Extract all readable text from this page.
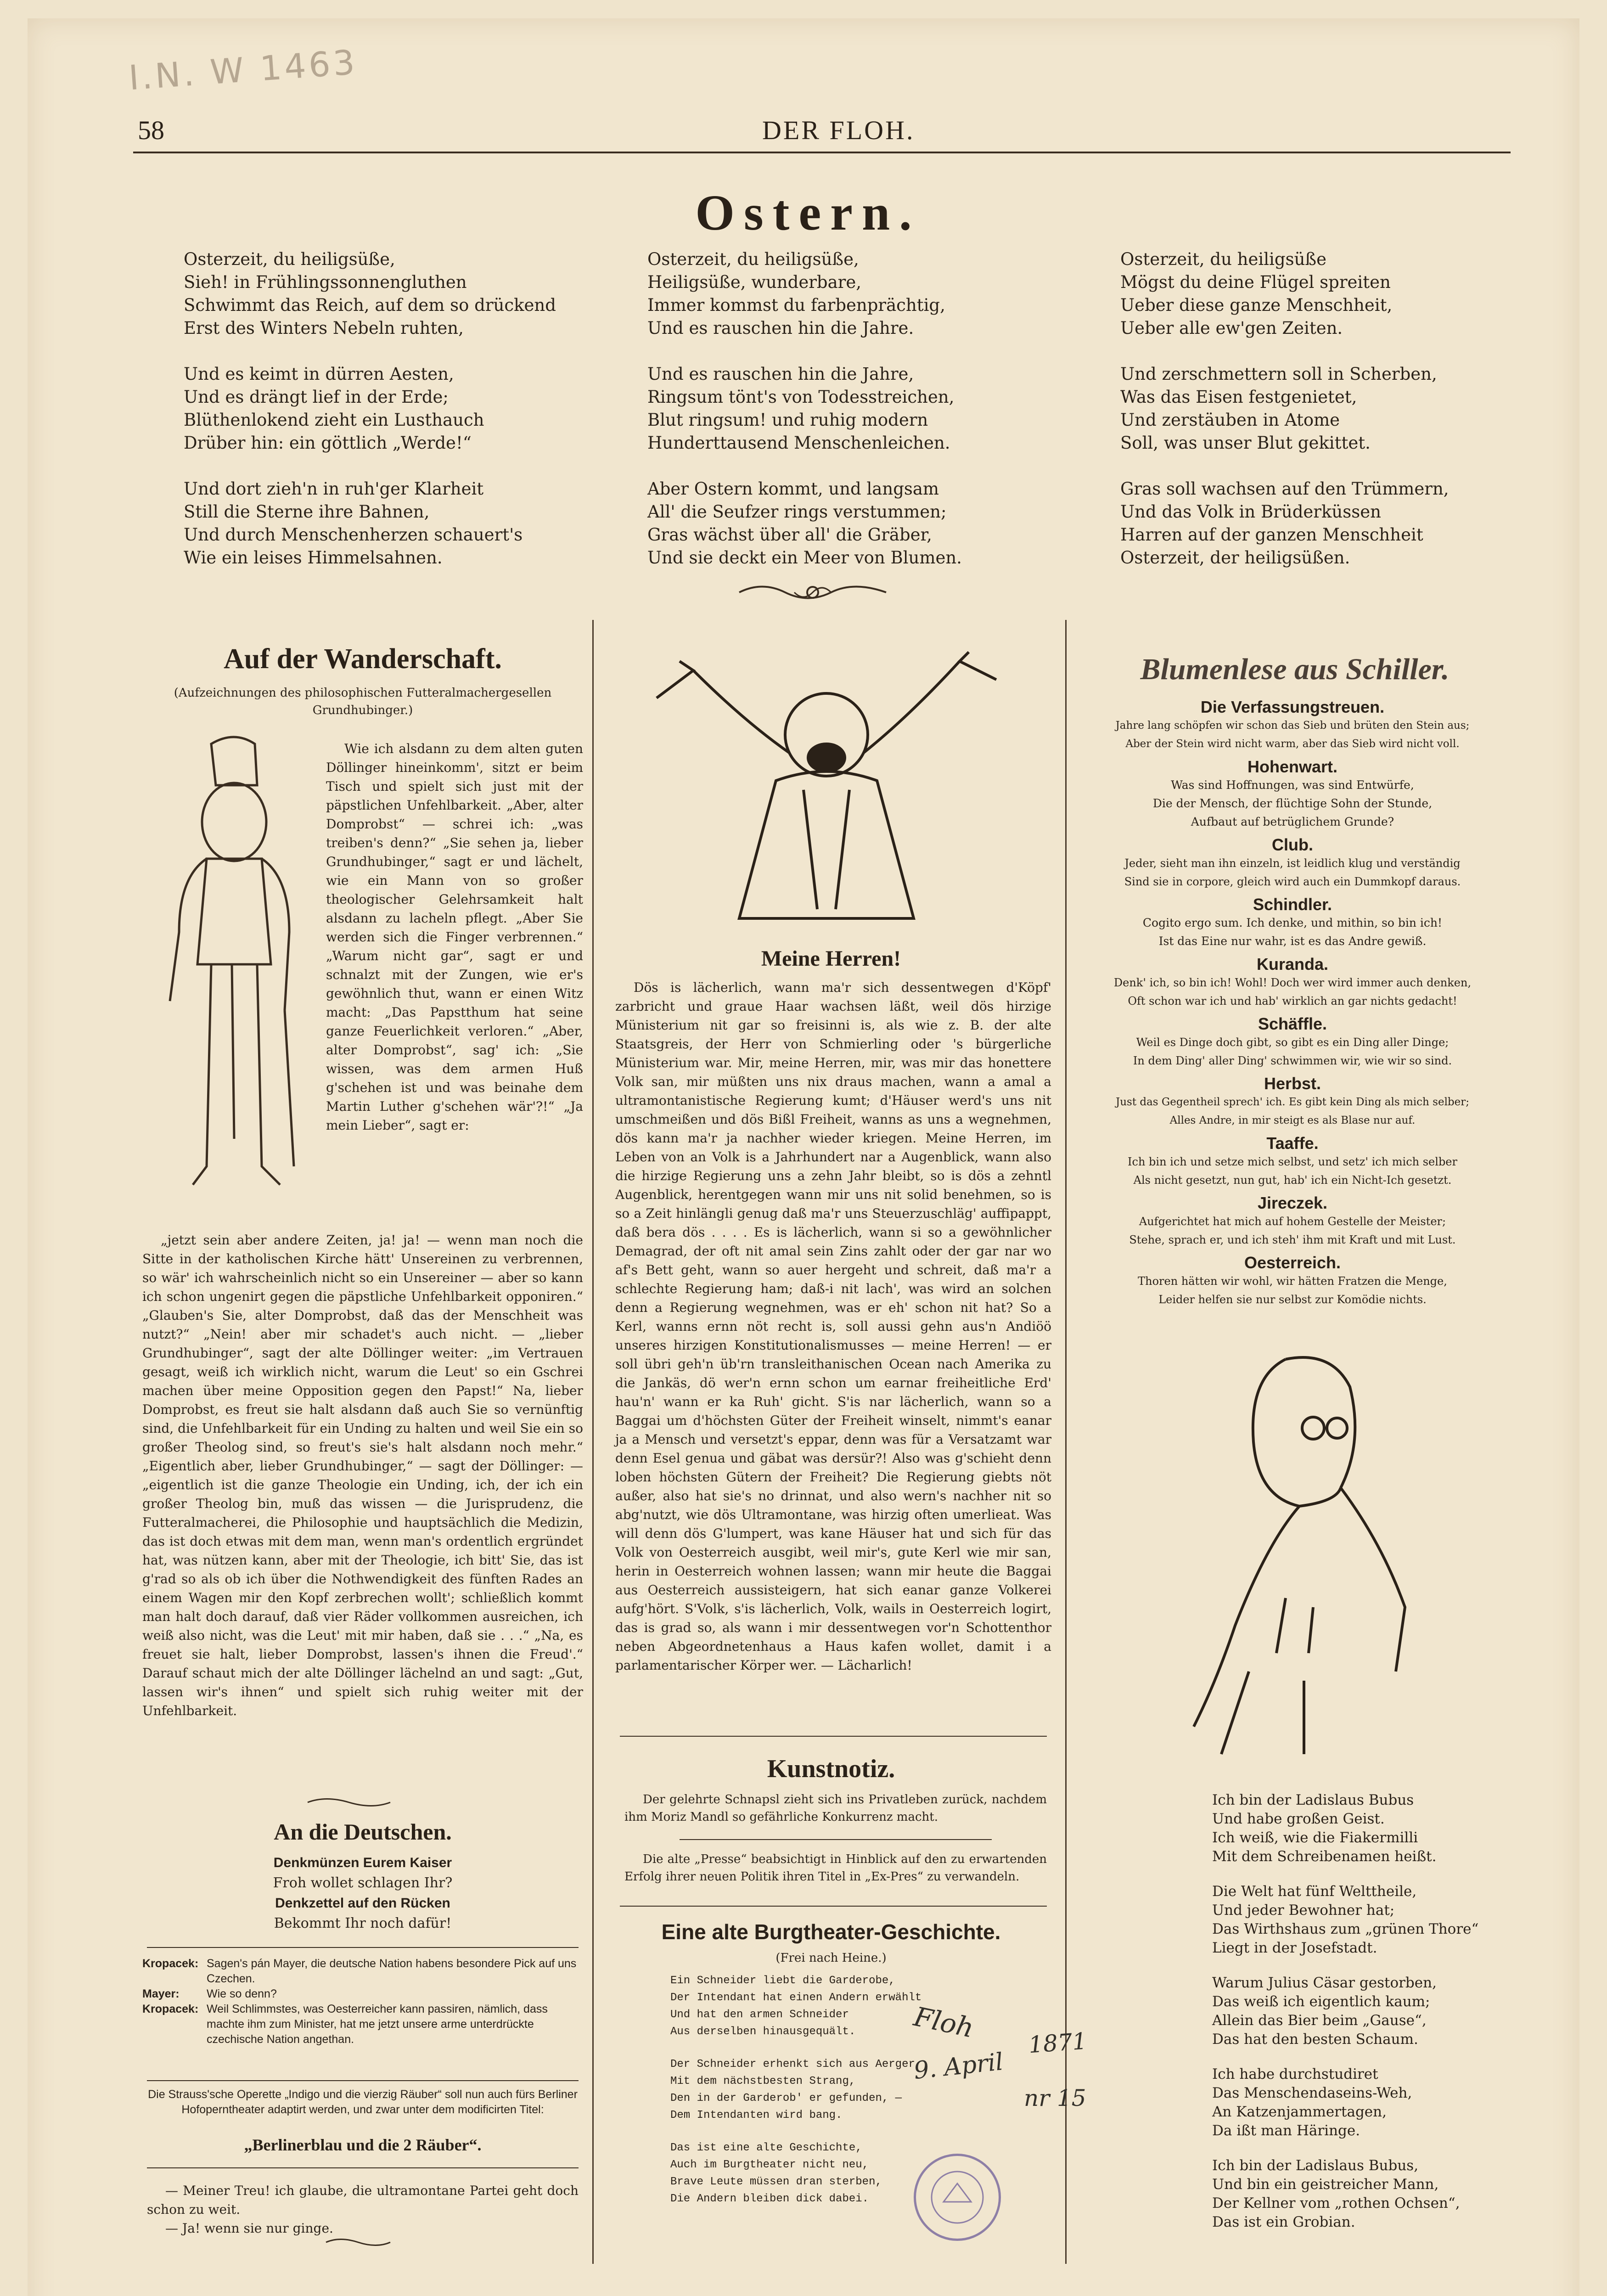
I.N. W 1463
58	DER FLOH.
Ostern.
Osterzeit, du heiligsüße,
Sieh! in Frühlingssonnengluthen
Schwimmt das Reich, auf dem so drückend
Erst des Winters Nebeln ruhten,
Und es keimt in dürren Aesten,
Und es drängt lief in der Erde;
Blüthenlokend zieht ein Lusthauch
Drüber hin: ein göttlich „Werde!“
Und dort zieh'n in ruh'ger Klarheit
Still die Sterne ihre Bahnen,
Und durch Menschenherzen schauert's
Wie ein leises Himmelsahnen.
Osterzeit, du heiligsüße,
Heiligsüße, wunderbare,
Immer kommst du farbenprächtig,
Und es rauschen hin die Jahre.
Und es rauschen hin die Jahre,
Ringsum tönt's von Todesstreichen,
Blut ringsum! und ruhig modern
Hunderttausend Menschenleichen.
Aber Ostern kommt, und langsam
All' die Seufzer rings verstummen;
Gras wächst über all' die Gräber,
Und sie deckt ein Meer von Blumen.
Osterzeit, du heiligsüße
Mögst du deine Flügel spreiten
Ueber diese ganze Menschheit,
Ueber alle ew'gen Zeiten.
Und zerschmettern soll in Scherben,
Was das Eisen festgenietet,
Und zerstäuben in Atome
Soll, was unser Blut gekittet.
Gras soll wachsen auf den Trümmern,
Und das Volk in Brüderküssen
Harren auf der ganzen Menschheit
Osterzeit, der heiligsüßen.
Auf der Wanderschaft.
(Aufzeichnungen des philosophischen Futteralmachergesellen Grundhubinger.)

Wie ich alsdann zu dem alten guten Döllinger hineinkomm', sitzt er beim Tisch und spielt sich just mit der päpstlichen Unfehlbarkeit. „Aber, alter Domprobst“ — schrei ich: „was treiben's denn?“ „Sie sehen ja, lieber Grundhubinger,“ sagt er und lächelt, wie ein Mann von so großer theologischer Gelehrsamkeit halt alsdann zu lacheln pflegt. „Aber Sie werden sich die Finger verbrennen.“ „Warum nicht gar“, sagt er und schnalzt mit der Zungen, wie er's gewöhnlich thut, wann er einen Witz macht: „Das Papstthum hat seine ganze Feuerlichkeit verloren.“ „Aber, alter Domprobst“, sag' ich: „Sie wissen, was dem armen Huß g'schehen ist und was beinahe dem Martin Luther g'schehen wär'?!“ „Ja mein Lieber“, sagt er:

„jetzt sein aber andere Zeiten, ja! ja! — wenn man noch die Sitte in der katholischen Kirche hätt' Unsereinen zu verbrennen, so wär' ich wahrscheinlich nicht so ein Unsereiner — aber so kann ich schon ungenirt gegen die päpstliche Unfehlbarkeit opponiren.“ „Glauben's Sie, alter Domprobst, daß das der Menschheit was nutzt?“ „Nein! aber mir schadet's auch nicht. — „lieber Grundhubinger“, sagt der alte Döllinger weiter: „im Vertrauen gesagt, weiß ich wirklich nicht, warum die Leut' so ein Gschrei machen über meine Opposition gegen den Papst!“ Na, lieber Domprobst, es freut sie halt alsdann daß auch Sie so vernünftig sind, die Unfehlbarkeit für ein Unding zu halten und weil Sie ein so großer Theolog sind, so freut's sie's halt alsdann noch mehr.“ „Eigentlich aber, lieber Grundhubinger,“ — sagt der Döllinger: — „eigentlich ist die ganze Theologie ein Unding, ich, der ich ein großer Theolog bin, muß das wissen — die Jurisprudenz, die Futteralmacherei, die Philosophie und hauptsächlich die Medizin, das ist doch etwas mit dem man, wenn man's ordentlich ergründet hat, was nützen kann, aber mit der Theologie, ich bitt' Sie, das ist g'rad so als ob ich über die Nothwendigkeit des fünften Rades an einem Wagen mir den Kopf zerbrechen wollt'; schließlich kommt man halt doch darauf, daß vier Räder vollkommen ausreichen, ich weiß also nicht, was die Leut' mit mir haben, daß sie . . .“ „Na, es freuet sie halt, lieber Domprobst, lassen's ihnen die Freud'.“ Darauf schaut mich der alte Döllinger lächelnd an und sagt: „Gut, lassen wir's ihnen“ und spielt sich ruhig weiter mit der Unfehlbarkeit.

An die Deutschen.
Denkmünzen Eurem Kaiser
Froh wollet schlagen Ihr?
Denkzettel auf den Rücken
Bekommt Ihr noch dafür!
Kropacek: Sagen's pán Mayer, die deutsche Nation habens besondere Pick auf uns Czechen.
Mayer:	Wie so denn?
Kropacek: Weil Schlimmstes, was Oesterreicher kann passiren, nämlich, dass machte ihm zum Minister, hat me jetzt unsere arme unterdrückte czechische Nation angethan.
Die Strauss'sche Operette „Indigo und die vierzig Räuber“ soll nun auch fürs Berliner Hofoperntheater adaptirt werden, und zwar unter dem modificirten Titel:
„Berlinerblau und die 2 Räuber“.

— Meiner Treu! ich glaube, die ultramontane Partei geht doch schon zu weit.

— Ja! wenn sie nur ginge.

Meine Herren!

Dös is lächerlich, wann ma'r sich dessentwegen d'Köpf' zarbricht und graue Haar wachsen läßt, weil dös hirzige Münisterium nit gar so freisinni is, als wie z. B. der alte Staatsgreis, der Herr von Schmierling oder 's bürgerliche Münisterium war. Mir, meine Herren, mir, was mir das honettere Volk san, mir müßten uns nix draus machen, wann a amal a ultramontanistische Regierung kumt; d'Häuser werd's uns nit umschmeißen und dös Bißl Freiheit, wanns as uns a wegnehmen, dös kann ma'r ja nachher wieder kriegen. Meine Herren, im Leben von an Volk is a Jahrhundert nar a Augenblick, wann also die hirzige Regierung uns a zehn Jahr bleibt, so is dös a zehntl Augenblick, herentgegen wann mir uns nit solid benehmen, so is so a Zeit hinlängli genug daß ma'r uns Steuerzuschläg' auffipappt, daß bera dös . . . . Es is lächerlich, wann si so a gewöhnlicher Demagrad, der oft nit amal sein Zins zahlt oder der gar nar wo af's Bett geht, wann so auer hergeht und schreit, daß ma'r a schlechte Regierung ham; daß-i nit lach', was wird an solchen denn a Regierung wegnehmen, was er eh' schon nit hat? So a Kerl, wanns ernn nöt recht is, soll aussi gehn aus'n Andiöö unseres hirzigen Konstitutionalismusses — meine Herren! — er soll übri geh'n üb'rn transleithanischen Ocean nach Amerika zu die Jankäs, dö wer'n ernn schon um earnar freiheitliche Erd' hau'n' wann er ka Ruh' gicht. S'is nar lächerlich, wann so a Baggai um d'höchsten Güter der Freiheit winselt, nimmt's eanar ja a Mensch und versetzt's eppar, denn was für a Versatzamt war denn Esel genua und gäbat was dersür?! Also was g'schieht denn loben höchsten Gütern der Freiheit? Die Regierung giebts nöt außer, also hat sie's no drinnat, und also wern's nachher nit so abg'nutzt, wie dös Ultramontane, was hirzig often umerlieat. Was will denn dös G'lumpert, was kane Häuser hat und sich für das Volk von Oesterreich ausgibt, weil mir's, gute Kerl wie mir san, herin in Oesterreich wohnen lassen; wann mir heute die Baggai aus Oesterreich aussisteigern, hat sich eanar ganze Volkerei aufg'hört. S'Volk, s'is lächerlich, Volk, wails in Oesterreich logirt, das is grad so, als wann i mir dessentwegen vor'n Schottenthor neben Abgeordnetenhaus a Haus kafen wollet, damit i a parlamentarischer Körper wer. — Lächarlich!

Kunstnotiz.

Der gelehrte Schnapsl zieht sich ins Privatleben zurück, nachdem ihm Moriz Mandl so gefährliche Konkurrenz macht.

Die alte „Presse“ beabsichtigt in Hinblick auf den zu erwartenden Erfolg ihrer neuen Politik ihren Titel in „Ex-Pres“ zu verwandeln.

Eine alte Burgtheater-Geschichte.
(Frei nach Heine.)
Ein Schneider liebt die Garderobe,
Der Intendant hat einen Andern erwählt
Und hat den armen Schneider
Aus derselben hinausgequält.
Der Schneider erhenkt sich aus Aerger
Mit dem nächstbesten Strang,
Den in der Garderob' er gefunden, —
Dem Intendanten wird bang.
Das ist eine alte Geschichte,
Auch im Burgtheater nicht neu,
Brave Leute müssen dran sterben,
Die Andern bleiben dick dabei.
Floh
9. April
1871
nr 15
Blumenlese aus Schiller.
Die Verfassungstreuen.
Jahre lang schöpfen wir schon das Sieb und brüten den Stein aus;
Aber der Stein wird nicht warm, aber das Sieb wird nicht voll.
Hohenwart.
Was sind Hoffnungen, was sind Entwürfe,
Die der Mensch, der flüchtige Sohn der Stunde,
Aufbaut auf betrüglichem Grunde?
Club.
Jeder, sieht man ihn einzeln, ist leidlich klug und verständig
Sind sie in corpore, gleich wird auch ein Dummkopf daraus.
Schindler.
Cogito ergo sum. Ich denke, und mithin, so bin ich!
Ist das Eine nur wahr, ist es das Andre gewiß.
Kuranda.
Denk' ich, so bin ich! Wohl! Doch wer wird immer auch denken,
Oft schon war ich und hab' wirklich an gar nichts gedacht!
Schäffle.
Weil es Dinge doch gibt, so gibt es ein Ding aller Dinge;
In dem Ding' aller Ding' schwimmen wir, wie wir so sind.
Herbst.
Just das Gegentheil sprech' ich. Es gibt kein Ding als mich selber;
Alles Andre, in mir steigt es als Blase nur auf.
Taaffe.
Ich bin ich und setze mich selbst, und setz' ich mich selber
Als nicht gesetzt, nun gut, hab' ich ein Nicht-Ich gesetzt.
Jireczek.
Aufgerichtet hat mich auf hohem Gestelle der Meister;
Stehe, sprach er, und ich steh' ihm mit Kraft und mit Lust.
Oesterreich.
Thoren hätten wir wohl, wir hätten Fratzen die Menge,
Leider helfen sie nur selbst zur Komödie nichts.
Ich bin der Ladislaus Bubus
Und habe großen Geist.
Ich weiß, wie die Fiakermilli
Mit dem Schreibenamen heißt.
Die Welt hat fünf Welttheile,
Und jeder Bewohner hat;
Das Wirthshaus zum „grünen Thore“
Liegt in der Josefstadt.
Warum Julius Cäsar gestorben,
Das weiß ich eigentlich kaum;
Allein das Bier beim „Gause“,
Das hat den besten Schaum.
Ich habe durchstudiret
Das Menschendaseins-Weh,
An Katzenjammertagen,
Da ißt man Häringe.
Ich bin der Ladislaus Bubus,
Und bin ein geistreicher Mann,
Der Kellner vom „rothen Ochsen“,
Das ist ein Grobian.
